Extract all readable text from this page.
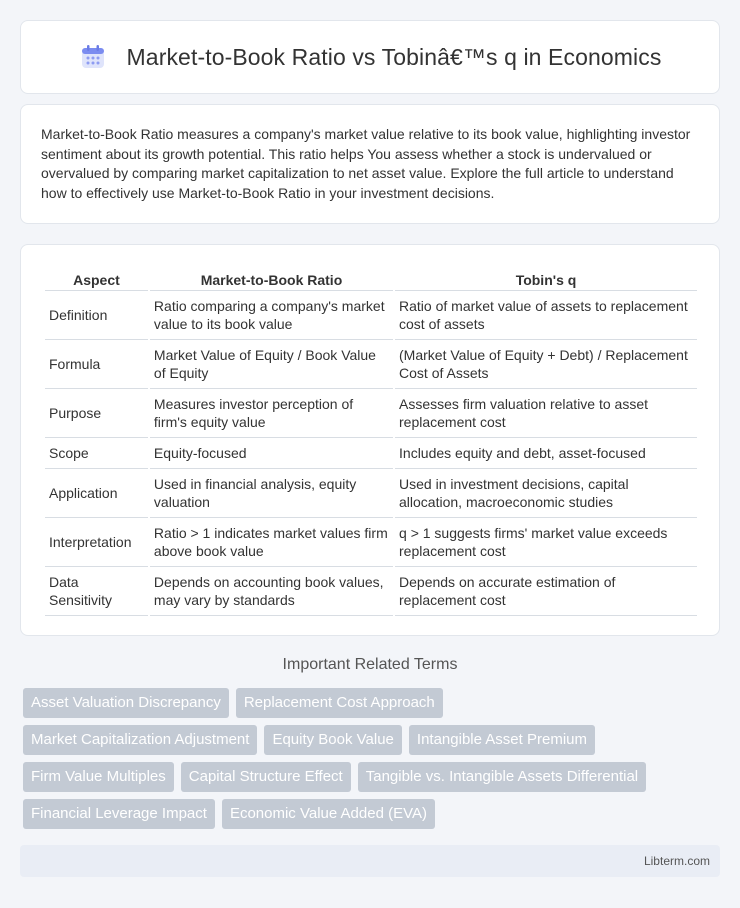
Market-to-Book Ratio vs Tobinâ€™s q in Economics

Market-to-Book Ratio measures a company's market value relative to its book value, highlighting investor sentiment about its growth potential. This ratio helps You assess whether a stock is undervalued or overvalued by comparing market capitalization to net asset value. Explore the full article to understand how to effectively use Market-to-Book Ratio in your investment decisions.

Aspect	Market-to-Book Ratio	Tobin's q
Definition	Ratio comparing a company's market value to its book value	Ratio of market value of assets to replacement cost of assets
Formula	Market Value of Equity / Book Value of Equity	(Market Value of Equity + Debt) / Replacement Cost of Assets
Purpose	Measures investor perception of firm's equity value	Assesses firm valuation relative to asset replacement cost
Scope	Equity-focused	Includes equity and debt, asset-focused
Application	Used in financial analysis, equity valuation	Used in investment decisions, capital allocation, macroeconomic studies
Interpretation	Ratio > 1 indicates market values firm above book value	q > 1 suggests firms' market value exceeds replacement cost
Data Sensitivity	Depends on accounting book values, may vary by standards	Depends on accurate estimation of replacement cost
Important Related Terms
Asset Valuation Discrepancy	Replacement Cost Approach
Market Capitalization Adjustment	Equity Book Value	Intangible Asset Premium
Firm Value Multiples	Capital Structure Effect	Tangible vs. Intangible Assets Differential
Financial Leverage Impact	Economic Value Added (EVA)
Libterm.com
